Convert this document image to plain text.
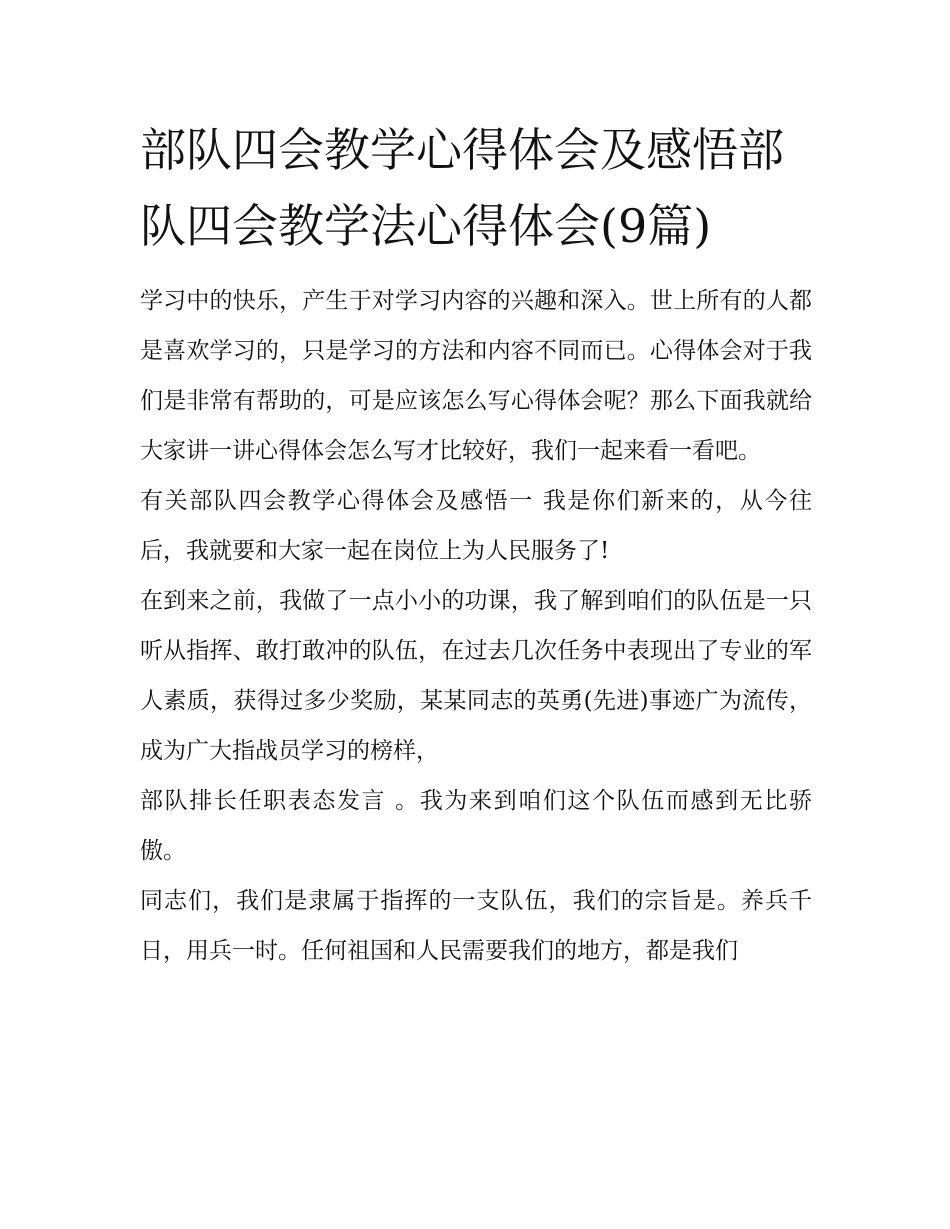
部队四会教学心得体会及感悟部队四会教学法心得体会(9篇)

学习中的快乐，产生于对学习内容的兴趣和深入。世上所有的人都是喜欢学习的，只是学习的方法和内容不同而已。心得体会对于我们是非常有帮助的，可是应该怎么写心得体会呢？那么下面我就给大家讲一讲心得体会怎么写才比较好，我们一起来看一看吧。

有关部队四会教学心得体会及感悟一 我是你们新来的，从今往后，我就要和大家一起在岗位上为人民服务了!

在到来之前，我做了一点小小的功课，我了解到咱们的队伍是一只听从指挥、敢打敢冲的队伍，在过去几次任务中表现出了专业的军人素质，获得过多少奖励，某某同志的英勇(先进)事迹广为流传，成为广大指战员学习的榜样，

部队排长任职表态发言 。我为来到咱们这个队伍而感到无比骄傲。

同志们，我们是隶属于指挥的一支队伍，我们的宗旨是。养兵千日，用兵一时。任何祖国和人民需要我们的地方，都是我们
